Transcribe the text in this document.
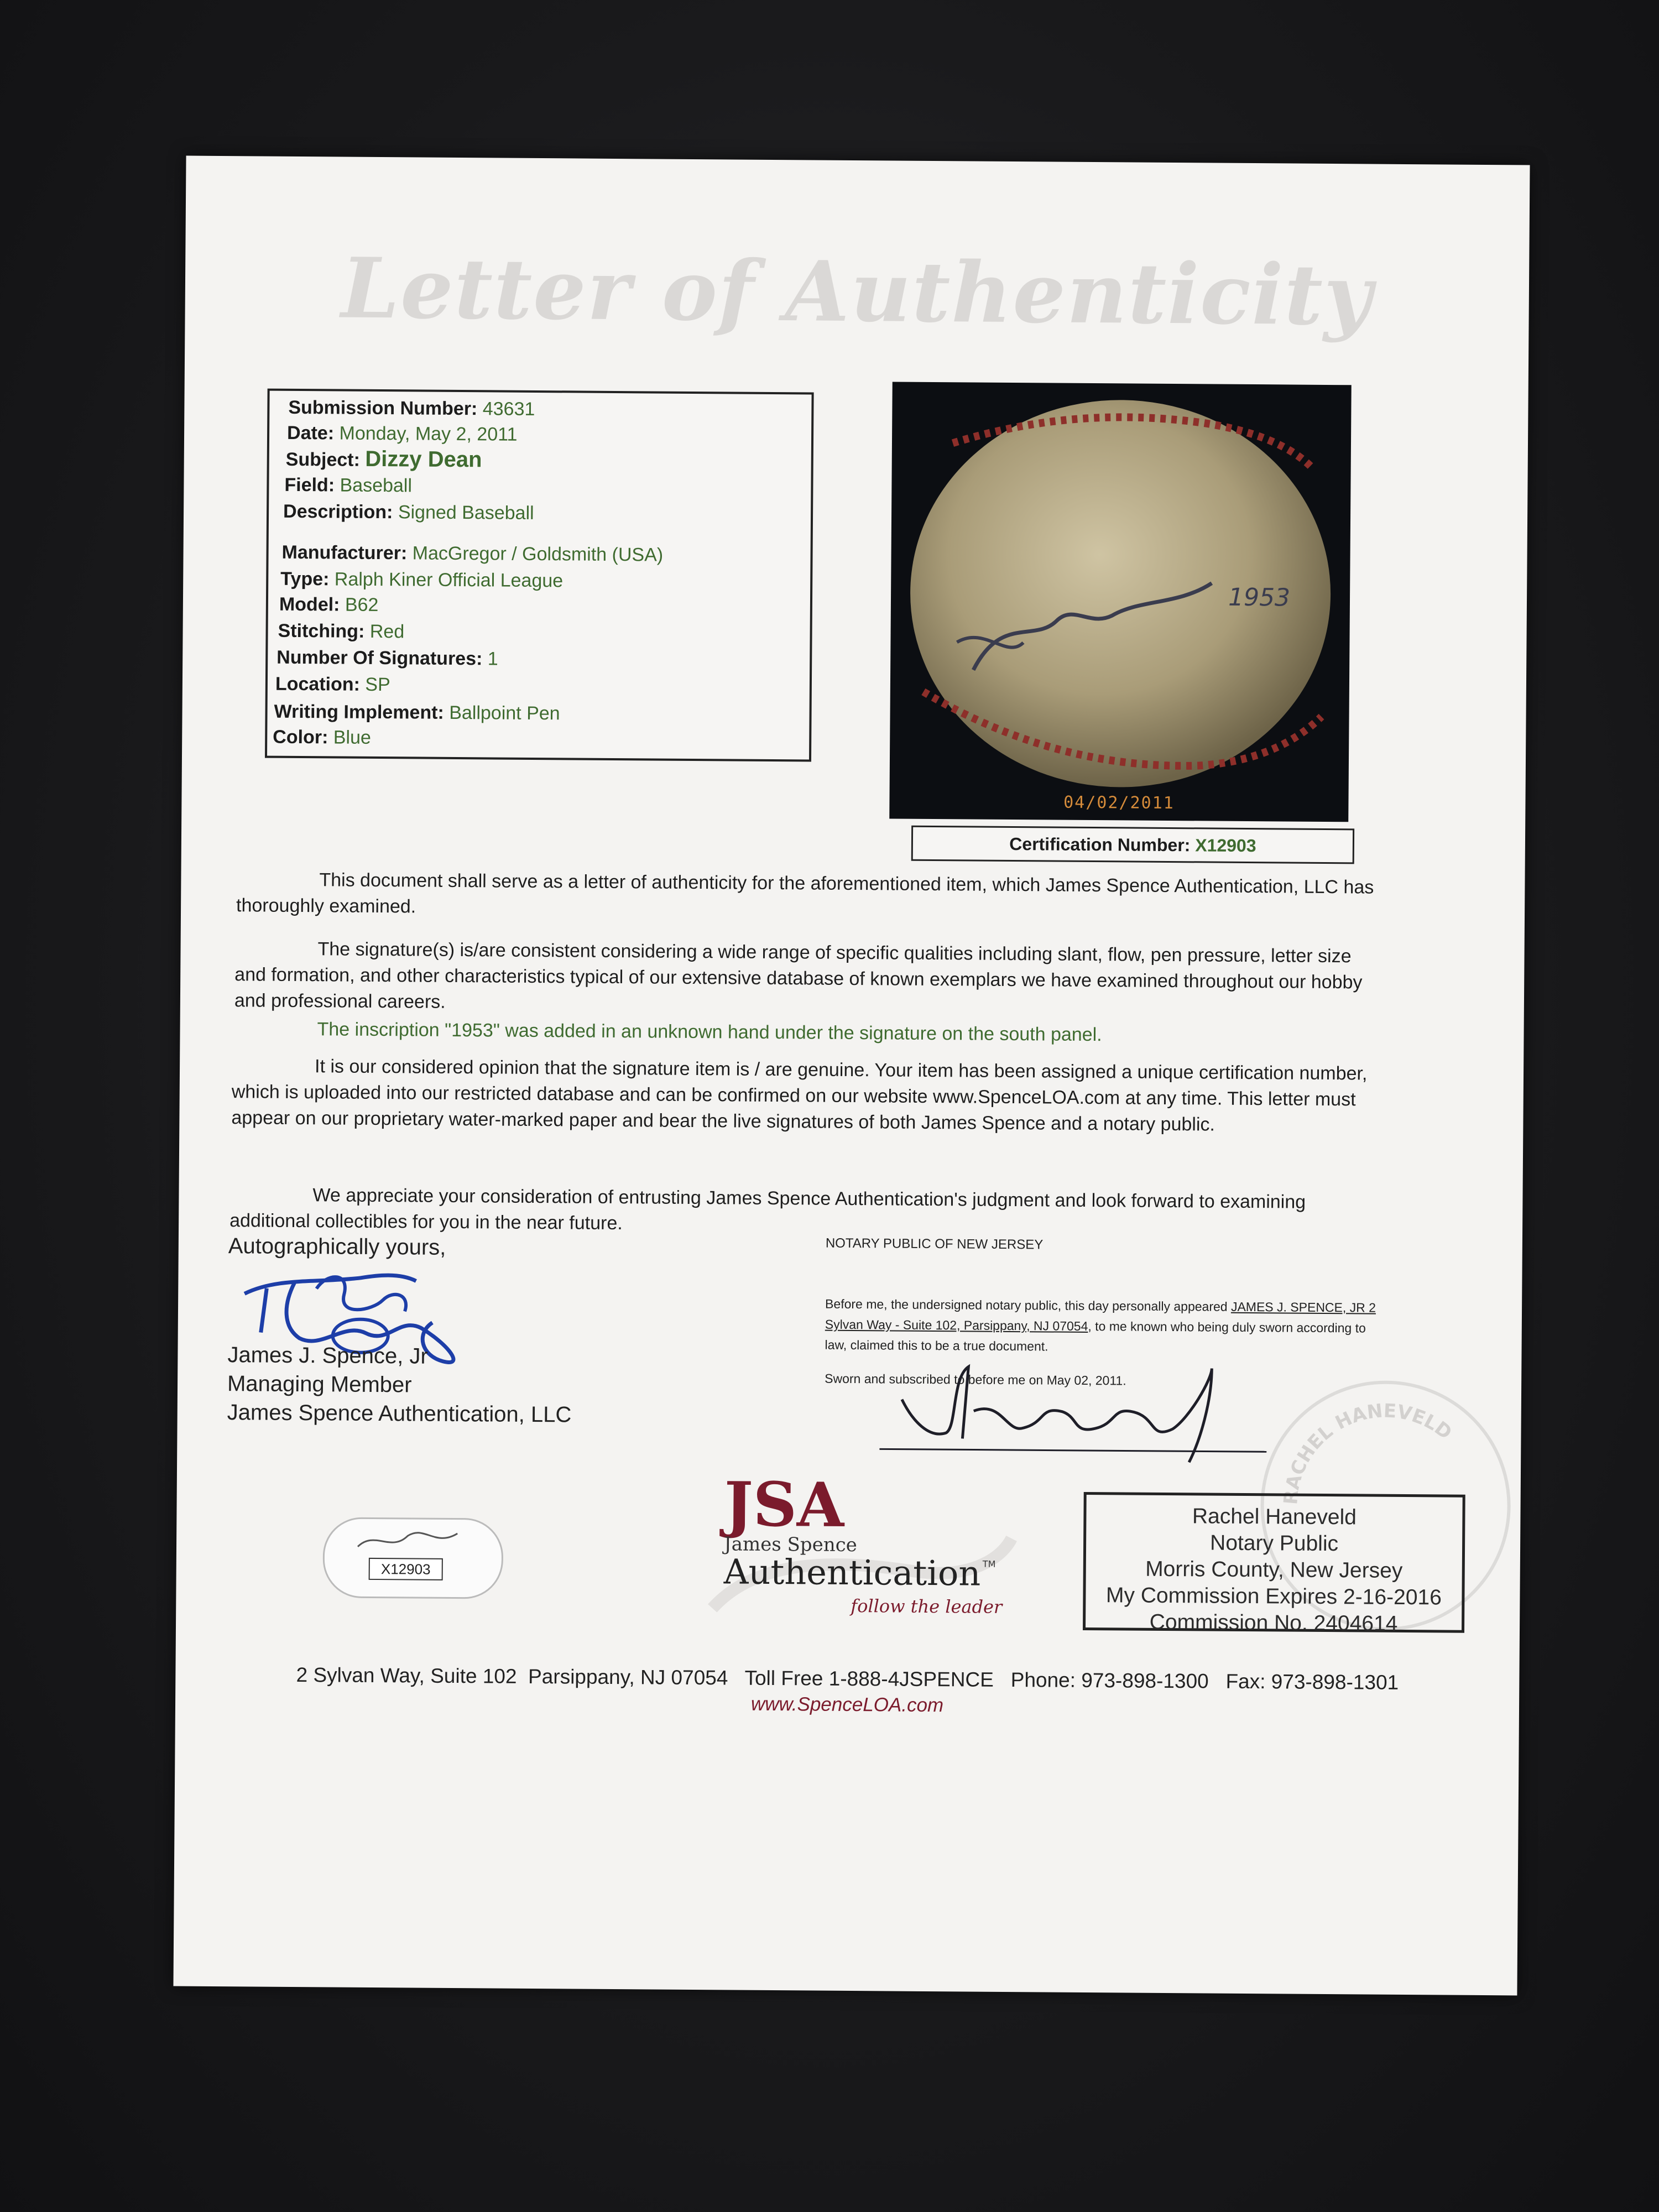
Letter of Authenticity
Submission Number: 43631
Date: Monday, May 2, 2011
Subject: Dizzy Dean
Field: Baseball
Description: Signed Baseball
Manufacturer: MacGregor / Goldsmith (USA)
Type: Ralph Kiner Official League
Model: B62
Stitching: Red
Number Of Signatures: 1
Location: SP
Writing Implement: Ballpoint Pen
Color: Blue
1953
04/02/2011
Certification Number: X12903
This document shall serve as a letter of authenticity for the aforementioned item, which James Spence Authentication, LLC has thoroughly examined.
The signature(s) is/are consistent considering a wide range of specific qualities including slant, flow, pen pressure, letter size and formation, and other characteristics typical of our extensive database of known exemplars we have examined throughout our hobby and professional careers.
The inscription "1953" was added in an unknown hand under the signature on the south panel.
It is our considered opinion that the signature item is / are genuine. Your item has been assigned a unique certification number, which is uploaded into our restricted database and can be confirmed on our website www.SpenceLOA.com at any time. This letter must appear on our proprietary water-marked paper and bear the live signatures of both James Spence and a notary public.
We appreciate your consideration of entrusting James Spence Authentication's judgment and look forward to examining additional collectibles for you in the near future.
Autographically yours,
James J. Spence, Jr
Managing Member
James Spence Authentication, LLC
NOTARY PUBLIC OF NEW JERSEY
Before me, the undersigned notary public, this day personally appeared JAMES J. SPENCE, JR 2 Sylvan Way - Suite 102, Parsippany, NJ 07054, to me known who being duly sworn according to law, claimed this to be a true document.
Sworn and subscribed to before me on May 02, 2011.
RACHEL HANEVELD
Rachel Haneveld
Notary Public
Morris County, New Jersey
My Commission Expires 2-16-2016
Commission No. 2404614
X12903
JSA
James Spence
Authentication TM
follow the leader
2 Sylvan Way, Suite 102  Parsippany, NJ 07054   Toll Free 1-888-4JSPENCE   Phone: 973-898-1300   Fax: 973-898-1301
www.SpenceLOA.com
